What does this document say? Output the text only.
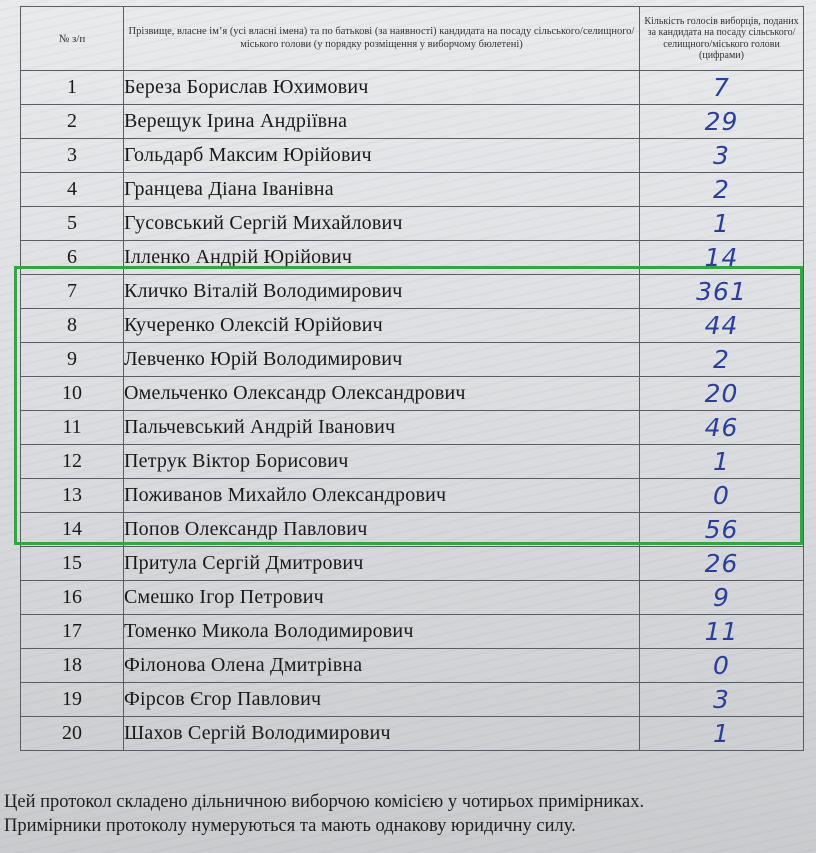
№ з/п	Прізвище, власне ім’я (усі власні імена) та по батькові (за наявності) кандидата на посаду сільського/селищного/міського голови (у порядку розміщення у виборчому бюлетені)	Кількість голосів виборців, поданих за кандидата на посаду сільського/селищного/міського голови (цифрами)
1	Береза Борислав Юхимович	7
2	Верещук Ірина Андріївна	29
3	Гольдарб Максим Юрійович	3
4	Гранцева Діана Іванівна	2
5	Гусовський Сергій Михайлович	1
6	Ілленко Андрій Юрійович	14
7	Кличко Віталій Володимирович	361
8	Кучеренко Олексій Юрійович	44
9	Левченко Юрій Володимирович	2
10	Омельченко Олександр Олександрович	20
11	Пальчевський Андрій Іванович	46
12	Петрук Віктор Борисович	1
13	Поживанов Михайло Олександрович	0
14	Попов Олександр Павлович	56
15	Притула Сергій Дмитрович	26
16	Смешко Ігор Петрович	9
17	Томенко Микола Володимирович	11
18	Філонова Олена Дмитрівна	0
19	Фірсов Єгор Павлович	3
20	Шахов Сергій Володимирович	1
Цей протокол складено дільничною виборчою комісією у чотирьох примірниках.
Примірники протоколу нумеруються та мають однакову юридичну силу.
